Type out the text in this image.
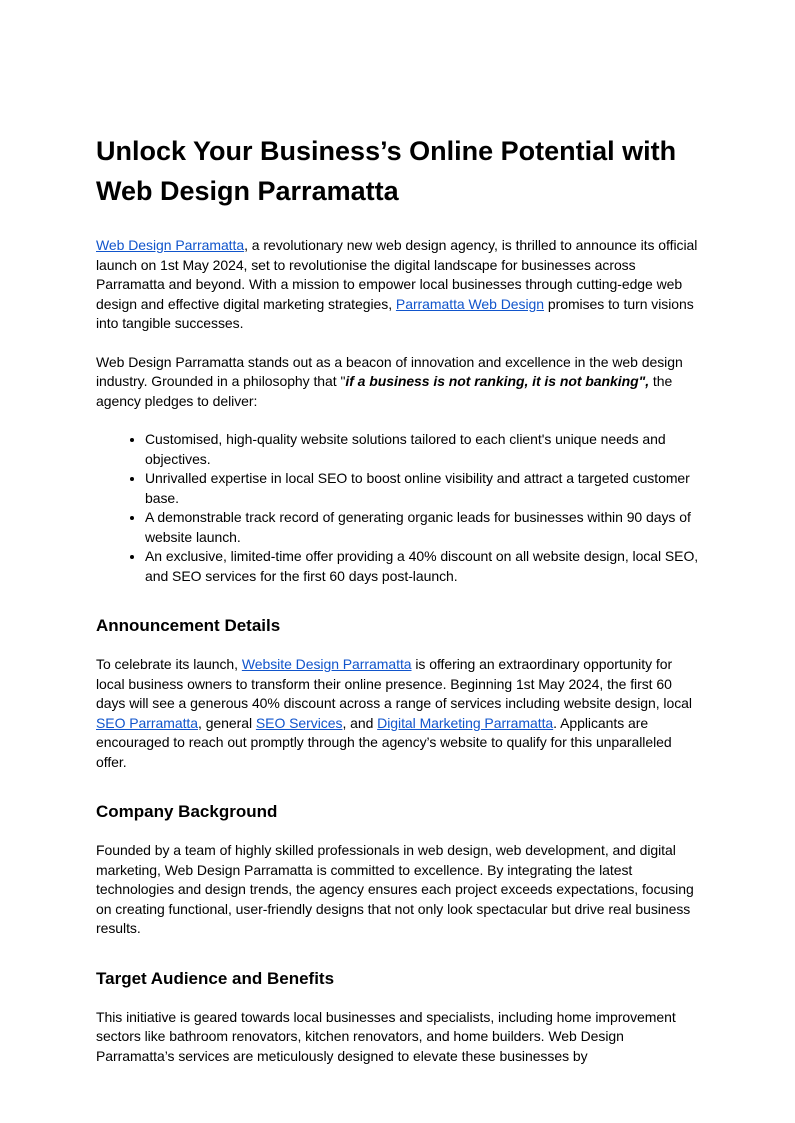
Unlock Your Business’s Online Potential with Web Design Parramatta

Web Design Parramatta, a revolutionary new web design agency, is thrilled to announce its official launch on 1st May 2024, set to revolutionise the digital landscape for businesses across Parramatta and beyond. With a mission to empower local businesses through cutting-edge web design and effective digital marketing strategies, Parramatta Web Design promises to turn visions into tangible successes.

Web Design Parramatta stands out as a beacon of innovation and excellence in the web design industry. Grounded in a philosophy that "if a business is not ranking, it is not banking", the agency pledges to deliver:

• Customised, high-quality website solutions tailored to each client's unique needs and objectives.
• Unrivalled expertise in local SEO to boost online visibility and attract a targeted customer base.
• A demonstrable track record of generating organic leads for businesses within 90 days of website launch.
• An exclusive, limited-time offer providing a 40% discount on all website design, local SEO, and SEO services for the first 60 days post-launch.
Announcement Details

To celebrate its launch, Website Design Parramatta is offering an extraordinary opportunity for local business owners to transform their online presence. Beginning 1st May 2024, the first 60 days will see a generous 40% discount across a range of services including website design, local SEO Parramatta, general SEO Services, and Digital Marketing Parramatta. Applicants are encouraged to reach out promptly through the agency’s website to qualify for this unparalleled offer.

Company Background

Founded by a team of highly skilled professionals in web design, web development, and digital marketing, Web Design Parramatta is committed to excellence. By integrating the latest technologies and design trends, the agency ensures each project exceeds expectations, focusing on creating functional, user-friendly designs that not only look spectacular but drive real business results.

Target Audience and Benefits

This initiative is geared towards local businesses and specialists, including home improvement sectors like bathroom renovators, kitchen renovators, and home builders. Web Design Parramatta’s services are meticulously designed to elevate these businesses by
